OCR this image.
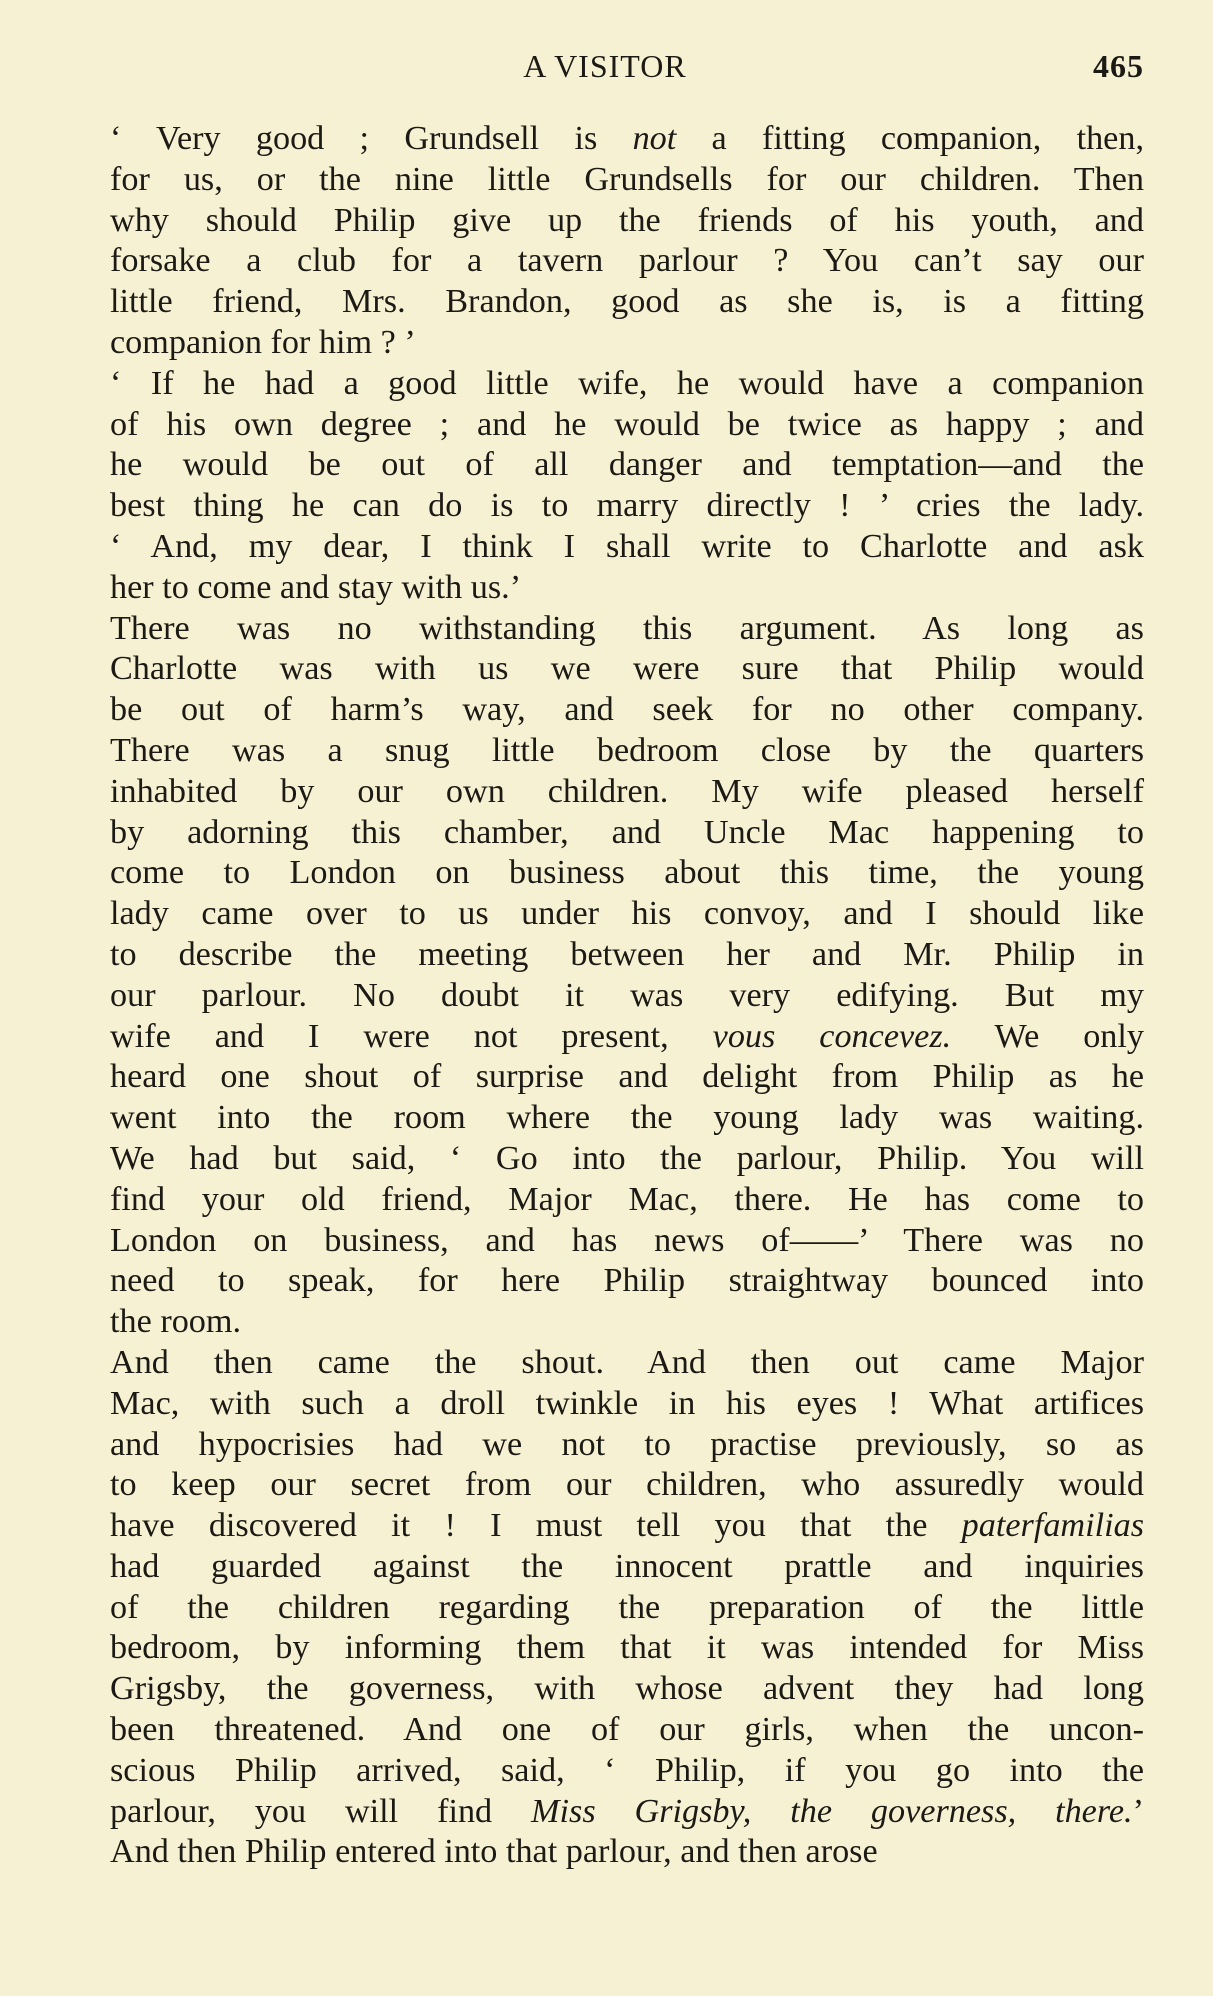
A VISITOR	465

‘ Very good ; Grundsell is not a fitting companion, then,
for us, or the nine little Grundsells for our children. Then
why should Philip give up the friends of his youth, and
forsake a club for a tavern parlour ? You can’t say our
little friend, Mrs. Brandon, good as she is, is a fitting
companion for him ? ’

‘ If he had a good little wife, he would have a companion
of his own degree ; and he would be twice as happy ; and
he would be out of all danger and temptation—and the
best thing he can do is to marry directly ! ’ cries the lady.
‘ And, my dear, I think I shall write to Charlotte and ask
her to come and stay with us.’

There was no withstanding this argument. As long as
Charlotte was with us we were sure that Philip would
be out of harm’s way, and seek for no other company.
There was a snug little bedroom close by the quarters
inhabited by our own children. My wife pleased herself
by adorning this chamber, and Uncle Mac happening to
come to London on business about this time, the young
lady came over to us under his convoy, and I should like
to describe the meeting between her and Mr. Philip in
our parlour. No doubt it was very edifying. But my
wife and I were not present, vous concevez. We only
heard one shout of surprise and delight from Philip as he
went into the room where the young lady was waiting.
We had but said, ‘ Go into the parlour, Philip. You will
find your old friend, Major Mac, there. He has come to
London on business, and has news of——’ There was no
need to speak, for here Philip straightway bounced into
the room.

And then came the shout. And then out came Major
Mac, with such a droll twinkle in his eyes ! What artifices
and hypocrisies had we not to practise previously, so as
to keep our secret from our children, who assuredly would
have discovered it ! I must tell you that the paterfamilias
had guarded against the innocent prattle and inquiries
of the children regarding the preparation of the little
bedroom, by informing them that it was intended for Miss
Grigsby, the governess, with whose advent they had long
been threatened. And one of our girls, when the uncon-
scious Philip arrived, said, ‘ Philip, if you go into the
parlour, you will find Miss Grigsby, the governess, there.’
And then Philip entered into that parlour, and then arose
